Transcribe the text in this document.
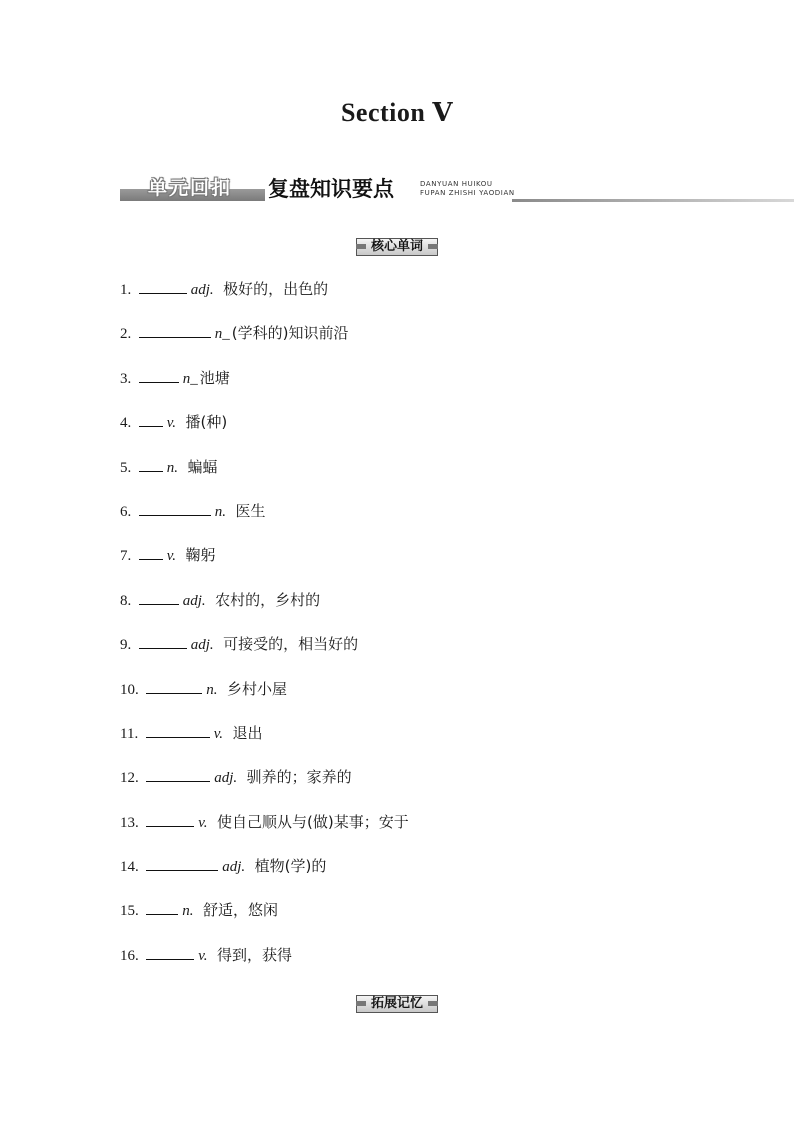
Section Ⅴ
单元回扣 复盘知识要点	DANYUAN HUIKOU
FUPAN ZHISHI YAODIAN
核心单词
1.	adj.  极好的，出色的
2.	n_ (学科的)知识前沿
3.	n_ 池塘
4.  v.  播(种)
5.  n.  蝙蝠
6.	n.  医生
7.  v.  鞠躬
8.	adj.  农村的，乡村的
9.	adj.  可接受的，相当好的
10.	n.  乡村小屋
11.	v.  退出
12.	adj.  驯养的；家养的
13.	v.  使自己顺从与(做)某事；安于
14.	adj.  植物(学)的
15.  n.  舒适，悠闲
16.	v.  得到，获得
拓展记忆
